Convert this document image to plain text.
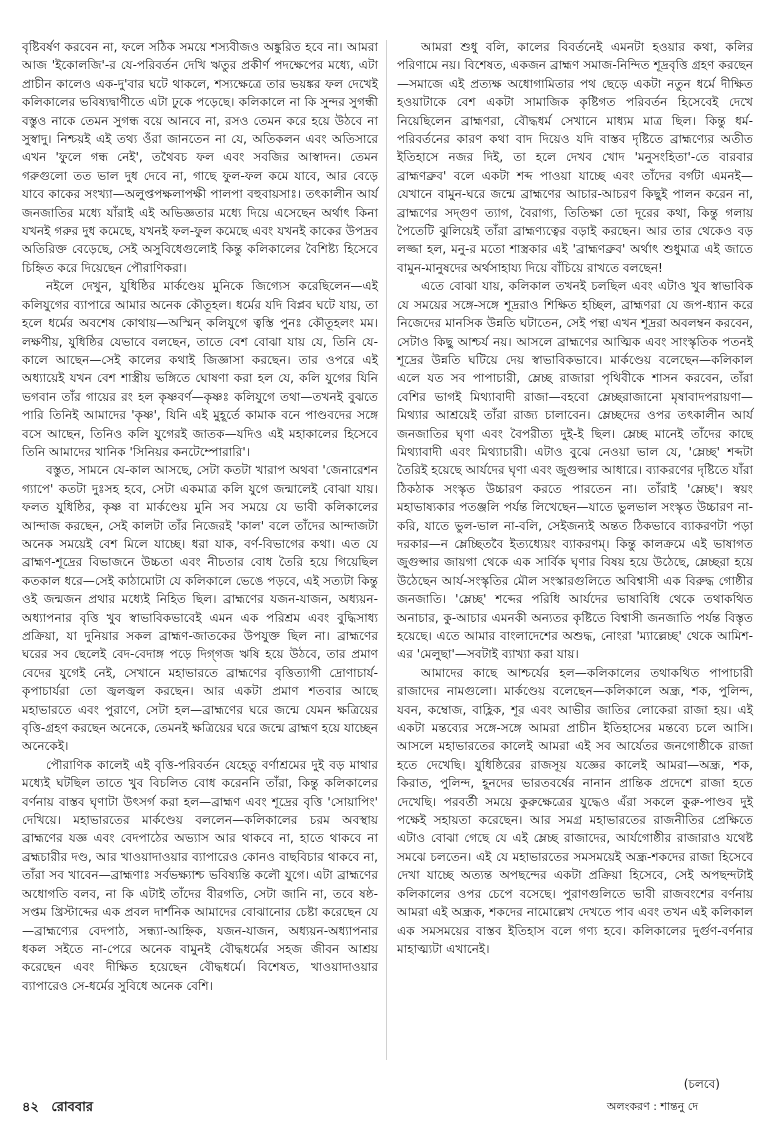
বৃষ্টিবর্ষণ করবেন না, ফলে সঠিক সময়ে শস্যবীজও অঙ্কুরিত হবে না। আমরা আজ 'ইকোলজি'-র যে-পরিবর্তন দেখি ঋতুর প্রকীর্ণ পদক্ষেপের মধ্যে, এটা প্রাচীন কালেও এক-দু'বার ঘটে থাকলে, শস্যক্ষেত্রে তার ভয়ঙ্কর ফল দেখেই কলিকালের ভবিষ্যদ্বাণীতে এটা ঢুকে পড়েছে। কলিকালে না কি সুন্দর সুগন্ধী বস্তুও নাকে তেমন সুগন্ধ বয়ে আনবে না, রসও তেমন করে হয়ে উঠবে না সুস্বাদু। নিশ্চয়ই এই তথ্য ওঁরা জানতেন না যে, অতিকলন এবং অতিসারে এখন 'ফুলে গন্ধ নেই', তথৈবচ ফল এবং সবজির আস্বাদন। তেমন গরুগুলো তত ভাল দুধ দেবে না, গাছে ফুল-ফল কমে যাবে, আর বেড়ে যাবে কাকের সংখ্যা—অলুপ্তপক্ষলাপক্ষী পালপা বহুবায়সাঃ। তৎকালীন আর্য জনজাতির মধ্যে যাঁরাই এই অভিজ্ঞতার মধ্যে দিয়ে এসেছেন অর্থাৎ কিনা যখনই গরুর দুধ কমেছে, যখনই ফল-ফুল কমেছে এবং যখনই কাকের উপদ্রব অতিরিক্ত বেড়েছে, সেই অসুবিধেগুলোই কিন্তু কলিকালের বৈশিষ্ট্য হিসেবে চিহ্নিত করে দিয়েছেন পৌরাণিকরা।

নইলে দেখুন, যুধিষ্ঠির মার্কণ্ডেয় মুনিকে জিগ্যেস করেছিলেন—এই কলিযুগের ব্যাপারে আমার অনেক কৌতূহল। ধর্মের যদি বিপ্লব ঘটে যায়, তা হলে ধর্মের অবশেষ কোথায়—অস্মিন্ কলিযুগে ত্বস্তি পুনঃ কৌতূহলং মম। লক্ষণীয়, যুধিষ্ঠির যেভাবে বলছেন, তাতে বেশ বোঝা যায় যে, তিনি যে-কালে আছেন—সেই কালের কথাই জিজ্ঞাসা করছেন। তার ওপরে এই অধ্যায়েই যখন বেশ শাস্ত্রীয় ভঙ্গিতে ঘোষণা করা হল যে, কলি যুগের যিনি ভগবান তাঁর গায়ের রং হল কৃষ্ণবর্ণ—কৃষ্ণঃ কলিযুগে তথা—তখনই বুঝতে পারি তিনিই আমাদের 'কৃষ্ণ', যিনি এই মুহূর্তে কামাক বনে পাণ্ডবদের সঙ্গে বসে আছেন, তিনিও কলি যুগেরই জাতক—যদিও এই মহাকালের হিসেবে তিনি আমাদের খানিক 'সিনিয়র কনটেম্পোরারি'।

বস্তুত, সামনে যে-কাল আসছে, সেটা কতটা খারাপ অথবা 'জেনারেশন গ্যাপে' কতটা দুঃসহ হবে, সেটা একমাত্র কলি যুগে জন্মালেই বোঝা যায়। ফলত যুধিষ্ঠির, কৃষ্ণ বা মার্কণ্ডেয় মুনি সব সময়ে যে ভাবী কলিকালের আন্দাজ করছেন, সেই কালটা তাঁর নিজেরই 'কাল' বলে তাঁদের আন্দাজটা অনেক সময়েই বেশ মিলে যাচ্ছে। ধরা যাক, বর্ণ-বিভাগের কথা। এত যে ব্রাহ্মণ-শূদ্রের বিভাজনে উচ্চতা এবং নীচতার বোধ তৈরি হয়ে গিয়েছিল কতকাল ধরে—সেই কাঠামোটা যে কলিকালে ভেঙে পড়বে, এই সত্যটা কিন্তু ওই জন্মজন প্রথার মধ্যেই নিহিত ছিল। ব্রাহ্মণের যজন-যাজন, অধ্যয়ন-অধ্যাপনার বৃত্তি খুব স্বাভাবিকভাবেই এমন এক পরিশ্রম এবং বুদ্ধিসাধ্য প্রক্রিয়া, যা দুনিয়ার সকল ব্রাহ্মণ-জাতকের উপযুক্ত ছিল না। ব্রাহ্মণের ঘরের সব ছেলেই বেদ-বেদাঙ্গ পড়ে দিগ্‌গজ ঋষি হয়ে উঠবে, তার প্রমাণ বেদের যুগেই নেই, সেখানে মহাভারতে ব্রাহ্মণের বৃত্তিত্যাগী দ্রোণাচার্য-কৃপাচার্যরা তো জ্বলজ্বল করছেন। আর একটা প্রমাণ শতবার আছে মহাভারতে এবং পুরাণে, সেটা হল—ব্রাহ্মণের ঘরে জন্মে যেমন ক্ষত্রিয়ের বৃত্তি-গ্রহণ করছেন অনেকে, তেমনই ক্ষত্রিয়ের ঘরে জন্মে ব্রাহ্মণ হয়ে যাচ্ছেন অনেকেই।

পৌরাণিক কালেই এই বৃত্তি-পরিবর্তন যেহেতু বর্ণাশ্রমের দুই বড় মাথার মধ্যেই ঘটছিল তাতে খুব বিচলিত বোধ করেননি তাঁরা, কিন্তু কলিকালের বর্ণনায় বাস্তব ঘৃণাটা উৎসর্গ করা হল—ব্রাহ্মণ এবং শূদ্রের বৃত্তি 'সোয়াপিং' দেখিয়ে। মহাভারতের মার্কণ্ডেয় বললেন—কলিকালের চরম অবস্থায় ব্রাহ্মণের যজ্ঞ এবং বেদপাঠের অভ্যাস আর থাকবে না, হাতে থাকবে না ব্রহ্মচারীর দণ্ড, আর খাওয়াদাওয়ার ব্যাপারেও কোনও বাছবিচার থাকবে না, তাঁরা সব খাবেন—ব্রাহ্মণাঃ সর্বভক্ষ্যাশ্চ ভবিষ্যন্তি কলৌ যুগে। এটা ব্রাহ্মণের অধোগতি বলব, না কি এটাই তাঁদের বীরগতি, সেটা জানি না, তবে ষষ্ঠ-সপ্তম খ্রিস্টাব্দের এক প্রবল দার্শনিক আমাদের বোঝানোর চেষ্টা করেছেন যে—ব্রাহ্মণ্যের বেদপাঠ, সন্ধ্যা-আহ্নিক, যজন-যাজন, অধ্যয়ন-অধ্যাপনার ধকল সইতে না-পেরে অনেক বামুনই বৌদ্ধধর্মের সহজ জীবন আশ্রয় করেছেন এবং দীক্ষিত হয়েছেন বৌদ্ধধর্মে। বিশেষত, খাওয়াদাওয়ার ব্যাপারেও সে-ধর্মের সুবিধে অনেক বেশি।

আমরা শুধু বলি, কালের বিবর্তনেই এমনটা হওয়ার কথা, কলির পরিণামে নয়। বিশেষত, একজন ব্রাহ্মণ সমাজ-নিন্দিত শূদ্রবৃত্তি গ্রহণ করছেন—সমাজে এই প্রত্যক্ষ অধোগামিতার পথ ছেড়ে একটা নতুন ধর্মে দীক্ষিত হওয়াটাকে বেশ একটা সামাজিক কৃষ্টিগত পরিবর্তন হিসেবেই দেখে নিয়েছিলেন ব্রাহ্মণরা, বৌদ্ধধর্ম সেখানে মাধ্যম মাত্র ছিল। কিন্তু ধর্ম-পরিবর্তনের কারণ কথা বাদ দিয়েও যদি বাস্তব দৃষ্টিতে ব্রাহ্মণ্যের অতীত ইতিহাসে নজর দিই, তা হলে দেখব খোদ 'মনুসংহিতা'-তে বারবার ব্রাহ্মণব্রুব' বলে একটা শব্দ পাওয়া যাচ্ছে এবং তাঁদের বর্গটা এমনই—যেখানে বামুন-ঘরে জন্মে ব্রাহ্মণের আচার-আচরণ কিছুই পালন করেন না, ব্রাহ্মণের সদ্‌গুণ ত্যাগ, বৈরাগ্য, তিতিক্ষা তো দূরের কথা, কিন্তু গলায় পৈতেটি ঝুলিয়েই তাঁরা ব্রাহ্মণ্যত্বের বড়াই করছেন। আর তার থেকেও বড় লজ্জা হল, মনু-র মতো শাস্ত্রকার এই 'ব্রাহ্মণব্রুব' অর্থাৎ শুধুমাত্র এই জাতে বামুন-মানুষদের অর্থসাহায্য দিয়ে বাঁচিয়ে রাখতে বলছেন!

এতে বোঝা যায়, কলিকাল তখনই চলছিল এবং এটাও খুব স্বাভাবিক যে সময়ের সঙ্গে-সঙ্গে শূদ্ররাও শিক্ষিত হচ্ছিল, ব্রাহ্মণরা যে জপ-ধ্যান করে নিজেদের মানসিক উন্নতি ঘটাতেন, সেই পন্থা এখন শূদ্ররা অবলম্বন করবেন, সেটাও কিছু আশ্চর্য নয়। আসলে ব্রাহ্মণের আত্মিক এবং সাংস্কৃতিক পতনই শূদ্রের উন্নতি ঘটিয়ে দেয় স্বাভাবিকভাবে। মার্কণ্ডেয় বলেছেন—কলিকাল এলে যত সব পাপাচারী, ম্লেচ্ছ রাজারা পৃথিবীকে শাসন করবেন, তাঁরা বেশির ভাগই মিথ্যাবাদী রাজা—বহবো ম্লেচ্ছরাজানো মৃষাবাদপরায়ণা—মিথ্যার আশ্রয়েই তাঁরা রাজ্য চালাবেন। ম্লেচ্ছদের ওপর তৎকালীন আর্য জনজাতির ঘৃণা এবং বৈপরীত্য দুই-ই ছিল। ম্লেচ্ছ মানেই তাঁদের কাছে মিথ্যাবাদী এবং মিথ্যাচারী। এটাও বুঝে নেওয়া ভাল যে, 'ম্লেচ্ছ' শব্দটা তৈরিই হয়েছে আর্যদের ঘৃণা এবং জুগুপ্সার আধারে। ব্যাকরণের দৃষ্টিতে যাঁরা ঠিকঠাক সংস্কৃত উচ্চারণ করতে পারতেন না। তাঁরাই 'ম্লেচ্ছ'। স্বয়ং মহাভাষ্যকার পতঞ্জলি পর্যন্ত লিখেছেন—যাতে ভুলভাল সংস্কৃত উচ্চারণ না-করি, যাতে ভুল-ভাল না-বলি, সেইজন্যই অন্তত ঠিকভাবে ব্যাকরণটা পড়া দরকার—ন ম্লেচ্ছিতবৈ ইত্যধ্যেয়ং ব্যাকরণম্‌। কিন্তু কালক্রমে এই ভাষাগত জুগুপ্সার জায়গা থেকে এক সার্বিক ঘৃণার বিষয় হয়ে উঠেছে, ম্লেচ্ছরা হয়ে উঠেছেন আর্য-সংস্কৃতির মৌল সংস্কারগুলিতে অবিশ্বাসী এক বিরুদ্ধ গোষ্ঠীর জনজাতি। 'ম্লেচ্ছ' শব্দের পরিধি আর্যদের ভাষাবিধি থেকে তথাকথিত অনাচার, কু-আচার এমনকী অন্যতর কৃষ্টিতে বিশ্বাসী জনজাতি পর্যন্ত বিস্তৃত হয়েছে। এতে আমার বাংলাদেশের অশুদ্ধ, নোংরা 'ম্যাল্লেচ্ছ' থেকে আমিশ-এর 'মেলুছা'—সবটাই ব্যাখ্যা করা যায়।

আমাদের কাছে আশ্চর্যের হল—কলিকালের তথাকথিত পাপাচারী রাজাদের নামগুলো। মার্কণ্ডেয় বলেছেন—কলিকালে অন্ধ্র, শক, পুলিন্দ, যবন, কম্বোজ, বাহ্লিক, শূর এবং আভীর জাতির লোকেরা রাজা হয়। এই একটা মন্তব্যের সঙ্গে-সঙ্গে আমরা প্রাচীন ইতিহাসের মন্তব্যে চলে আসি। আসলে মহাভারতের কালেই আমরা এই সব আর্যেতর জনগোষ্ঠীকে রাজা হতে দেখেছি। যুধিষ্ঠিরের রাজসূয় যজ্ঞের কালেই আমরা—অন্ধ্র, শক, কিরাত, পুলিন্দ, হূনদের ভারতবর্ষের নানান প্রান্তিক প্রদেশে রাজা হতে দেখেছি। পরবর্তী সময়ে কুরুক্ষেত্রের যুদ্ধেও এঁরা সকলে কুরু-পাণ্ডব দুই পক্ষেই সহায়তা করেছেন। আর সমগ্র মহাভারতের রাজনীতির প্রেক্ষিতে এটাও বোঝা গেছে যে এই ম্লেচ্ছ রাজাদের, আর্যগোষ্ঠীর রাজারাও যথেষ্ট সমঝে চলতেন। এই যে মহাভারতের সমসময়েই অন্ধ্র-শকদের রাজা হিসেবে দেখা যাচ্ছে অত্যন্ত অপছন্দের একটা প্রক্রিয়া হিসেবে, সেই অপছন্দটাই কলিকালের ওপর চেপে বসেছে। পুরাণগুলিতে ভাবী রাজবংশের বর্ণনায় আমরা এই অন্ধ্রক, শকদের নামোল্লেখ দেখতে পাব এবং তখন এই কলিকাল এক সমসময়ের বাস্তব ইতিহাস বলে গণ্য হবে। কলিকালের দুর্গুণ-বর্ণনার মাহাত্ম্যটা এখানেই।

(চলবে)
অলংকরণ : শান্তনু দে
৪২ রোববার
